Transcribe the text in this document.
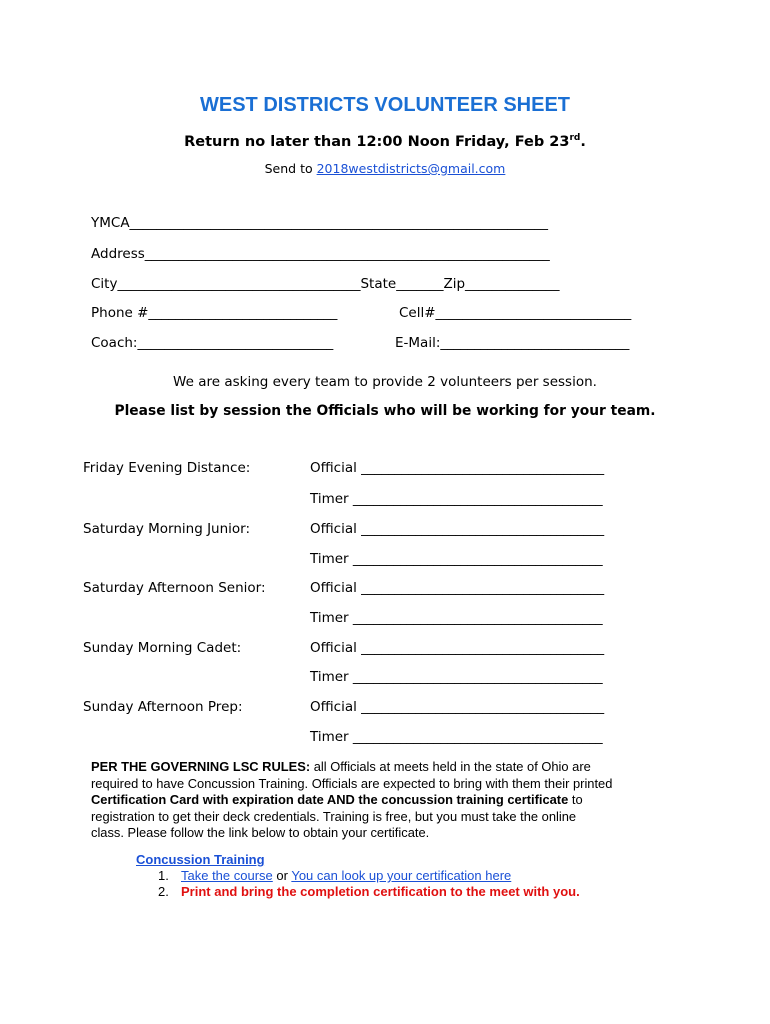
WEST DISTRICTS VOLUNTEER SHEET
Return no later than 12:00 Noon Friday, Feb 23rd.
Send to 2018westdistricts@gmail.com
YMCA______________________________________________________________
Address____________________________________________________________
City____________________________________State_______Zip______________
Phone #____________________________	Cell#_____________________________
Coach:_____________________________	E-Mail:____________________________
We are asking every team to provide 2 volunteers per session.
Please list by session the Officials who will be working for your team.
Friday Evening Distance:	Official ____________________________________
Timer _____________________________________
Saturday Morning Junior:	Official ____________________________________
Timer _____________________________________
Saturday Afternoon Senior:	Official ____________________________________
Timer _____________________________________
Sunday Morning Cadet:	Official ____________________________________
Timer _____________________________________
Sunday Afternoon Prep:	Official ____________________________________
Timer _____________________________________
PER THE GOVERNING LSC RULES: all Officials at meets held in the state of Ohio are
required to have Concussion Training. Officials are expected to bring with them their printed
Certification Card with expiration date AND the concussion training certificate to
registration to get their deck credentials. Training is free, but you must take the online
class. Please follow the link below to obtain your certificate.
Concussion Training
1. Take the course or You can look up your certification here
2. Print and bring the completion certification to the meet with you.
